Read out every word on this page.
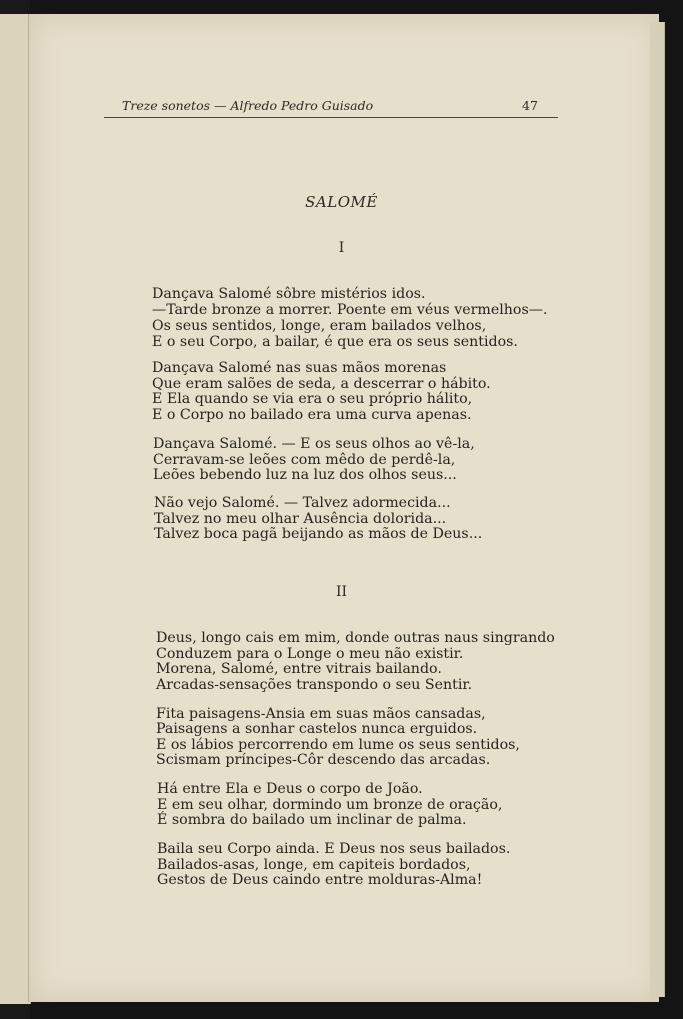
Treze sonetos — Alfredo Pedro Guisado	47
SALOMÉ
I
Dançava Salomé sôbre mistérios idos.
—Tarde bronze a morrer. Poente em véus vermelhos—.
Os seus sentidos, longe, eram bailados velhos,
E o seu Corpo, a bailar, é que era os seus sentidos.
Dançava Salomé nas suas mãos morenas
Que eram salões de seda, a descerrar o hábito.
E Ela quando se via era o seu próprio hálito,
E o Corpo no bailado era uma curva apenas.
Dançava Salomé. — E os seus olhos ao vê-la,
Cerravam-se leões com mêdo de perdê-la,
Leões bebendo luz na luz dos olhos seus...
Não vejo Salomé. — Talvez adormecida...
Talvez no meu olhar Ausência dolorida...
Talvez boca pagã beijando as mãos de Deus...
II
Deus, longo cais em mim, donde outras naus singrando
Conduzem para o Longe o meu não existir.
Morena, Salomé, entre vitrais bailando.
Arcadas-sensações transpondo o seu Sentir.
Fita paisagens-Ansia em suas mãos cansadas,
Paisagens a sonhar castelos nunca erguidos.
E os lábios percorrendo em lume os seus sentidos,
Scismam príncipes-Côr descendo das arcadas.
Há entre Ela e Deus o corpo de João.
E em seu olhar, dormindo um bronze de oração,
É sombra do bailado um inclinar de palma.
Baila seu Corpo ainda. E Deus nos seus bailados.
Bailados-asas, longe, em capiteis bordados,
Gestos de Deus caindo entre molduras-Alma!
